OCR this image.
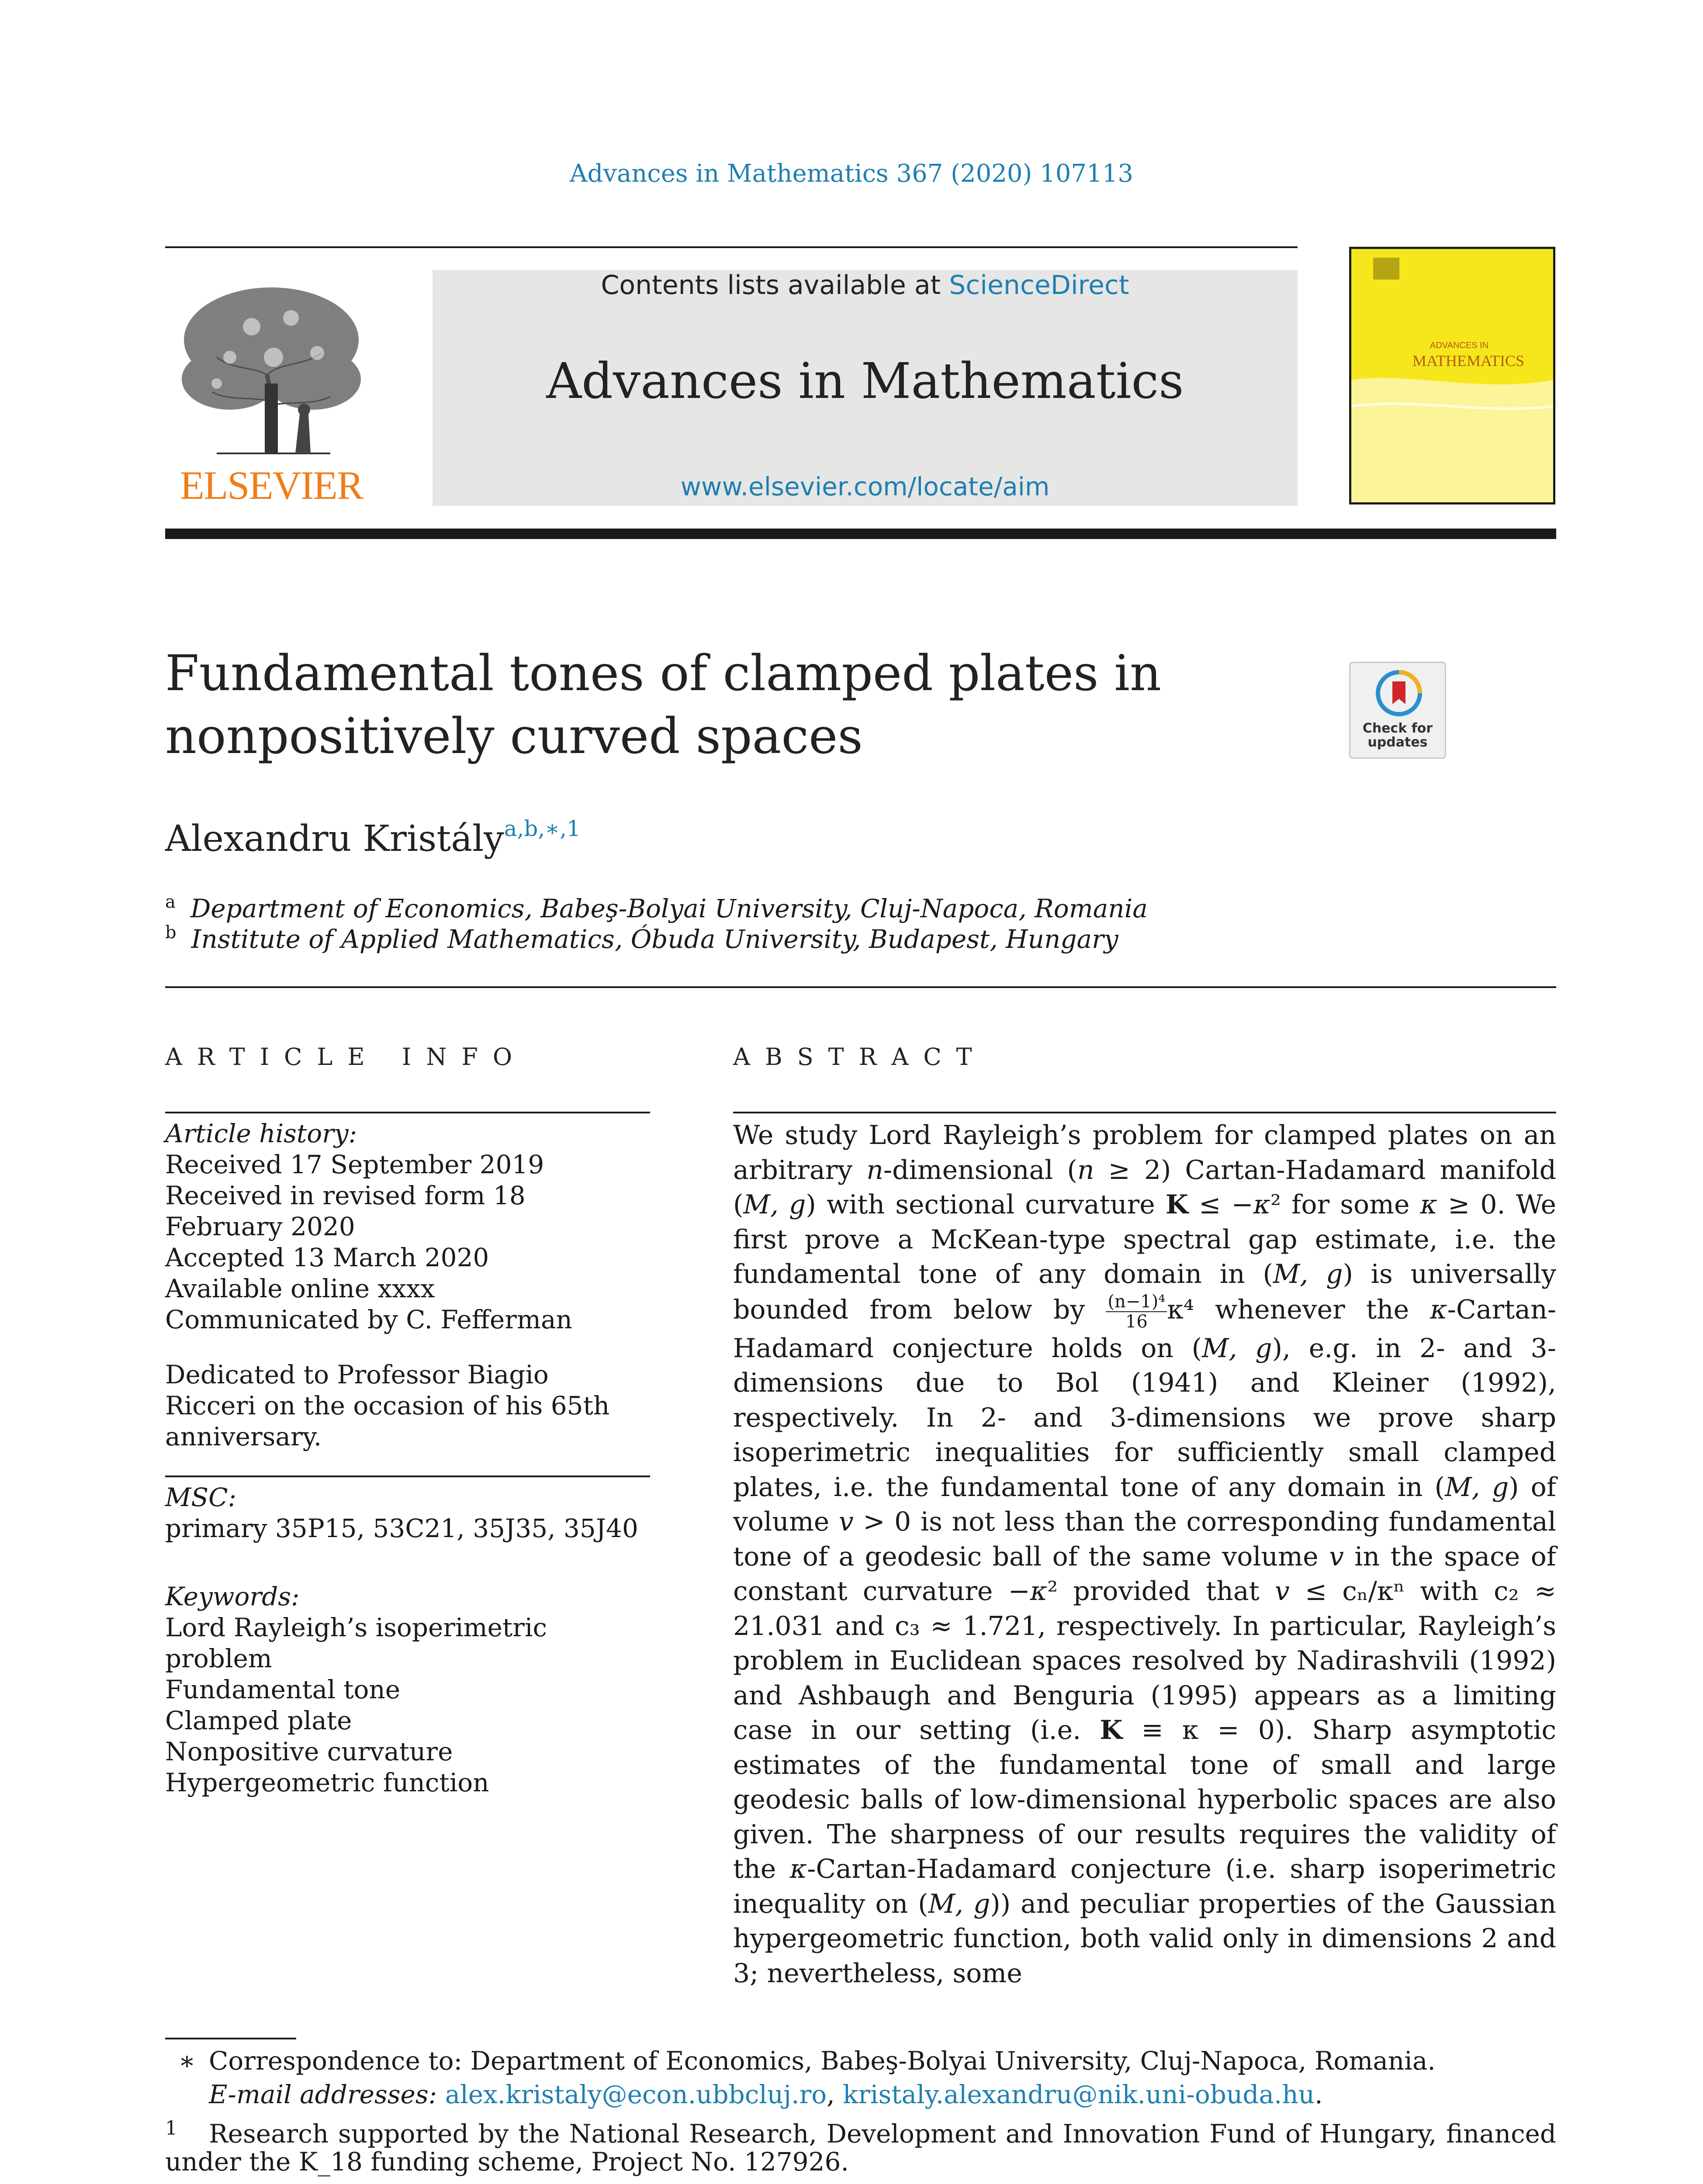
Advances in Mathematics 367 (2020) 107113
ELSEVIER
Contents lists available at ScienceDirect
Advances in Mathematics
www.elsevier.com/locate/aim
ADVANCES IN
MATHEMATICS
Fundamental tones of clamped plates in
nonpositively curved spaces	Check for
updates
Alexandru Kristály$^{a,b,∗,1}$
$^a$ Department of Economics, Babeş-Bolyai University, Cluj-Napoca, Romania
$^b$ Institute of Applied Mathematics, Óbuda University, Budapest, Hungary
ARTICLE INFO	ABSTRACT
Article history:
Received 17 September 2019
Received in revised form 18
February 2020
Accepted 13 March 2020
Available online xxxx
Communicated by C. Fefferman
Dedicated to Professor Biagio
Ricceri on the occasion of his 65th
anniversary.
MSC:
primary 35P15, 53C21, 35J35, 35J40
Keywords:
Lord Rayleigh’s isoperimetric
problem
Fundamental tone
Clamped plate
Nonpositive curvature
Hypergeometric function

We study Lord Rayleigh’s problem for clamped plates on an arbitrary n-dimensional (n ≥ 2) Cartan-Hadamard manifold (M, g) with sectional curvature K ≤ −κ² for some κ ≥ 0. We first prove a McKean-type spectral gap estimate, i.e. the fundamental tone of any domain in (M, g) is universally bounded from below by $\frac{\text{(n−1)⁴}}{16} \kappa^4$ whenever the κ-Cartan-Hadamard conjecture holds on (M, g), e.g. in 2- and 3-dimensions due to Bol (1941) and Kleiner (1992), respectively. In 2- and 3-dimensions we prove sharp isoperimetric inequalities for sufficiently small clamped plates, i.e. the fundamental tone of any domain in (M, g) of volume v > 0 is not less than the corresponding fundamental tone of a geodesic ball of the same volume v in the space of constant curvature −κ² provided that v ≤ cₙ/κⁿ with c₂ ≈ 21.031 and c₃ ≈ 1.721, respectively. In particular, Rayleigh’s problem in Euclidean spaces resolved by Nadirashvili (1992) and Ashbaugh and Benguria (1995) appears as a limiting case in our setting (i.e. K ≡ κ = 0). Sharp asymptotic estimates of the fundamental tone of small and large geodesic balls of low-dimensional hyperbolic spaces are also given. The sharpness of our results requires the validity of the κ-Cartan-Hadamard conjecture (i.e. sharp isoperimetric inequality on (M, g)) and peculiar properties of the Gaussian hypergeometric function, both valid only in dimensions 2 and 3; nevertheless, some

∗ Correspondence to: Department of Economics, Babeş-Bolyai University, Cluj-Napoca, Romania.
E-mail addresses: alex.kristaly@econ.ubbcluj.ro, kristaly.alexandru@nik.uni-obuda.hu.
1 Research supported by the National Research, Development and Innovation Fund of Hungary, financed
under the K_18 funding scheme, Project No. 127926.
